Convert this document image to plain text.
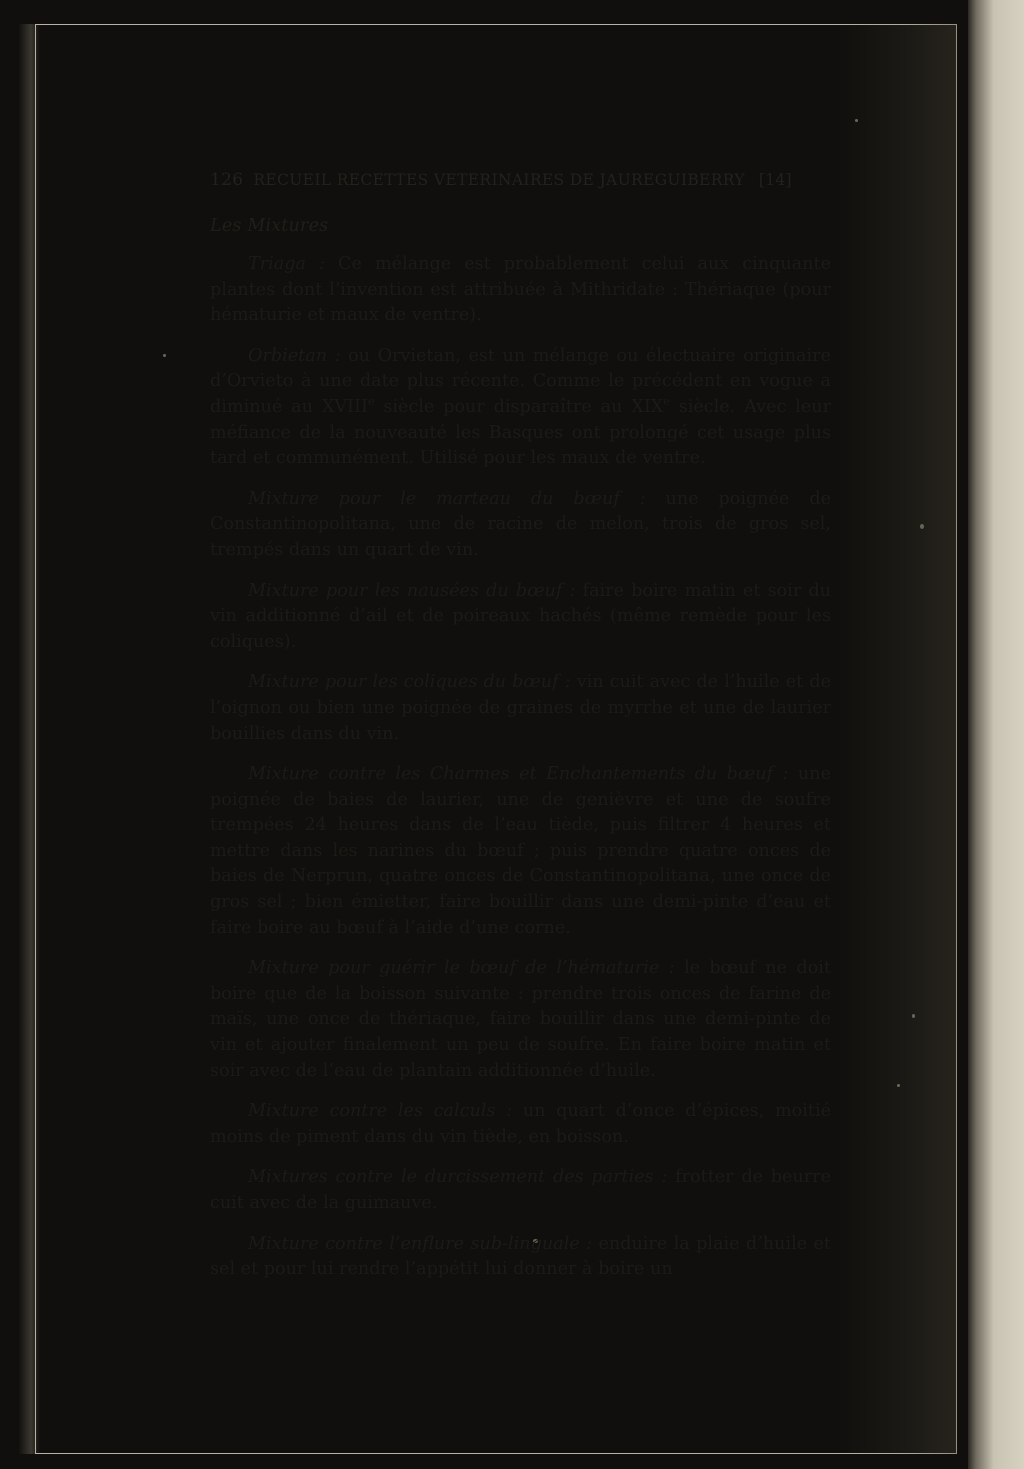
126 RECUEIL RECETTES VETERINAIRES DE JAUREGUIBERRY [14]
Les Mixtures

Triaga : Ce mélange est probablement celui aux cinquante plantes dont l’invention est attribuée à Mithridate : Thériaque (pour hématurie et maux de ventre).

Orbietan : ou Orvietan, est un mélange ou électuaire originaire d’Orvieto à une date plus récente. Comme le précédent en vogue a diminué au XVIIIe siècle pour disparaître au XIXe siècle. Avec leur méfiance de la nouveauté les Basques ont prolongé cet usage plus tard et communément. Utilisé pour les maux de ventre.

Mixture pour le marteau du bœuf : une poignée de Constantinopolitana, une de racine de melon, trois de gros sel, trempés dans un quart de vin.

Mixture pour les nausées du bœuf : faire boire matin et soir du vin additionné d’ail et de poireaux hachés (même remède pour les coliques).

Mixture pour les coliques du bœuf : vin cuit avec de l’huile et de l’oignon ou bien une poignée de graines de myrrhe et une de laurier bouillies dans du vin.

Mixture contre les Charmes et Enchantements du bœuf : une poignée de baies de laurier, une de genièvre et une de soufre trempées 24 heures dans de l’eau tiède, puis filtrer 4 heures et mettre dans les narines du bœuf ; puis prendre quatre onces de baies de Nerprun, quatre onces de Constantinopolitana, une once de gros sel ; bien émietter, faire bouillir dans une demi-pinte d’eau et faire boire au bœuf à l’aide d’une corne.

Mixture pour guérir le bœuf de l’hématurie : le bœuf ne doit boire que de la boisson suivante : prendre trois onces de farine de maïs, une once de thériaque, faire bouillir dans une demi-pinte de vin et ajouter finalement un peu de soufre. En faire boire matin et soir avec de l’eau de plantain additionnée d’huile.

Mixture contre les calculs : un quart d’once d’épices, moitié moins de piment dans du vin tiède, en boisson.

Mixtures contre le durcissement des parties : frotter de beurre cuit avec de la guimauve.

Mixture contre l’enflure sub-linguale : enduire la plaie d’huile et sel et pour lui rendre l’appétit lui donner à boire un
